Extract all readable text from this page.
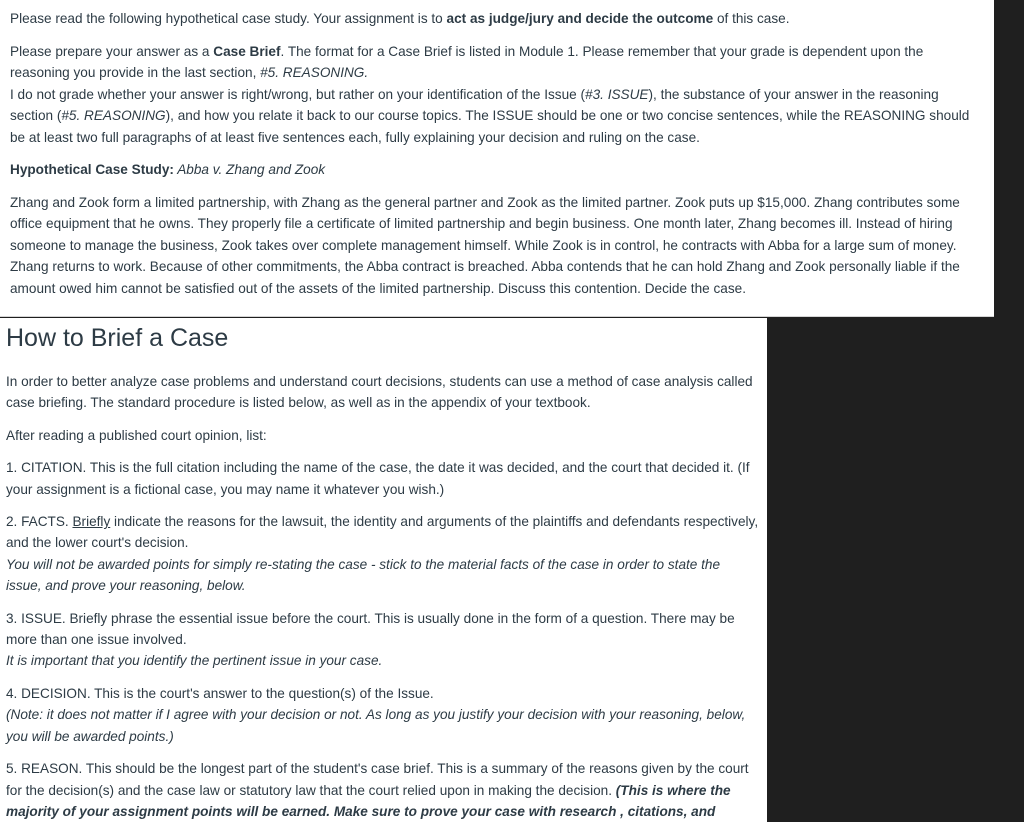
Please read the following hypothetical case study. Your assignment is to act as judge/jury and decide the outcome of this case.

Please prepare your answer as a Case Brief. The format for a Case Brief is listed in Module 1. Please remember that your grade is dependent upon the reasoning you provide in the last section, #5. REASONING.

I do not grade whether your answer is right/wrong, but rather on your identification of the Issue (#3. ISSUE), the substance of your answer in the reasoning section (#5. REASONING), and how you relate it back to our course topics. The ISSUE should be one or two concise sentences, while the REASONING should be at least two full paragraphs of at least five sentences each, fully explaining your decision and ruling on the case.

Hypothetical Case Study: Abba v. Zhang and Zook

Zhang and Zook form a limited partnership, with Zhang as the general partner and Zook as the limited partner. Zook puts up $15,000. Zhang contributes some office equipment that he owns. They properly file a certificate of limited partnership and begin business. One month later, Zhang becomes ill. Instead of hiring someone to manage the business, Zook takes over complete management himself. While Zook is in control, he contracts with Abba for a large sum of money. Zhang returns to work. Because of other commitments, the Abba contract is breached. Abba contends that he can hold Zhang and Zook personally liable if the amount owed him cannot be satisfied out of the assets of the limited partnership. Discuss this contention. Decide the case.

How to Brief a Case

In order to better analyze case problems and understand court decisions, students can use a method of case analysis called case briefing. The standard procedure is listed below, as well as in the appendix of your textbook.

After reading a published court opinion, list:

1. CITATION. This is the full citation including the name of the case, the date it was decided, and the court that decided it. (If your assignment is a fictional case, you may name it whatever you wish.)

2. FACTS. Briefly indicate the reasons for the lawsuit, the identity and arguments of the plaintiffs and defendants respectively, and the lower court's decision.

You will not be awarded points for simply re-stating the case - stick to the material facts of the case in order to state the issue, and prove your reasoning, below.

3. ISSUE. Briefly phrase the essential issue before the court. This is usually done in the form of a question. There may be more than one issue involved.

It is important that you identify the pertinent issue in your case.

4. DECISION. This is the court's answer to the question(s) of the Issue.

(Note: it does not matter if I agree with your decision or not. As long as you justify your decision with your reasoning, below, you will be awarded points.)

5. REASON. This should be the longest part of the student's case brief. This is a summary of the reasons given by the court for the decision(s) and the case law or statutory law that the court relied upon in making the decision. (This is where the majority of your assignment points will be earned. Make sure to prove your case with research , citations, and
